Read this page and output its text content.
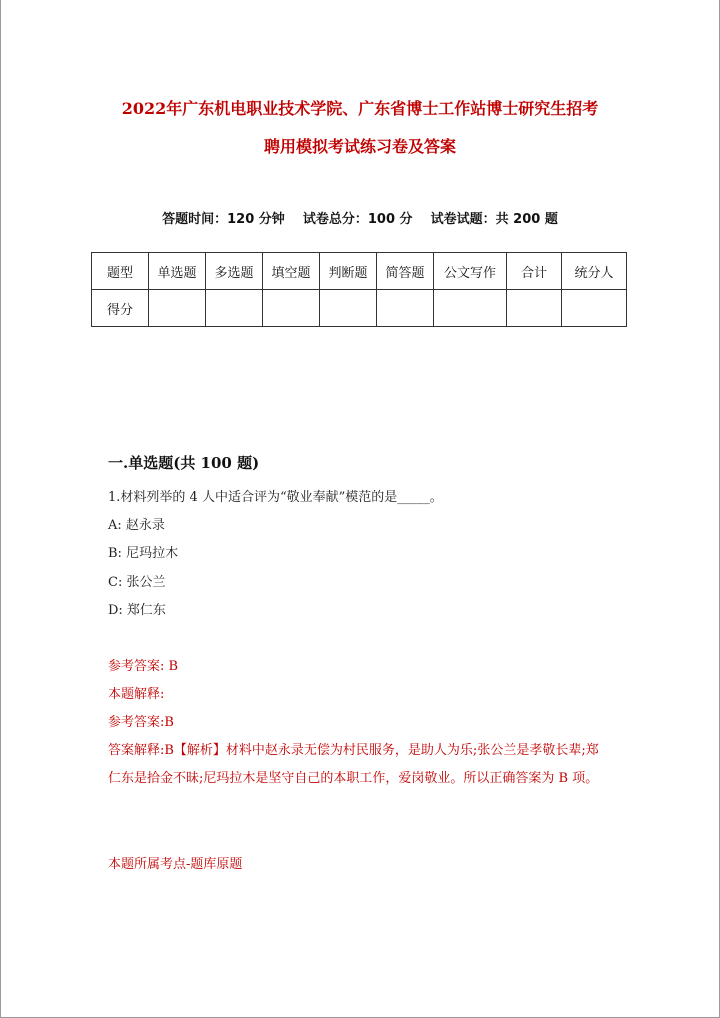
2022年广东机电职业技术学院、广东省博士工作站博士研究生招考
聘用模拟考试练习卷及答案
答题时间：120 分钟    试卷总分：100 分    试卷试题：共 200 题
题型	单选题	多选题	填空题	判断题	简答题	公文写作	合计	统分人
得分								
一.单选题(共 100 题)
1.材料列举的 4 人中适合评为“敬业奉献”模范的是_____。
A: 赵永录
B: 尼玛拉木
C: 张公兰
D: 郑仁东
参考答案: B
本题解释:
参考答案:B
答案解释:B【解析】材料中赵永录无偿为村民服务，是助人为乐;张公兰是孝敬长辈;郑仁东是拾金不昧;尼玛拉木是坚守自己的本职工作，爱岗敬业。所以正确答案为 B 项。
本题所属考点-题库原题
